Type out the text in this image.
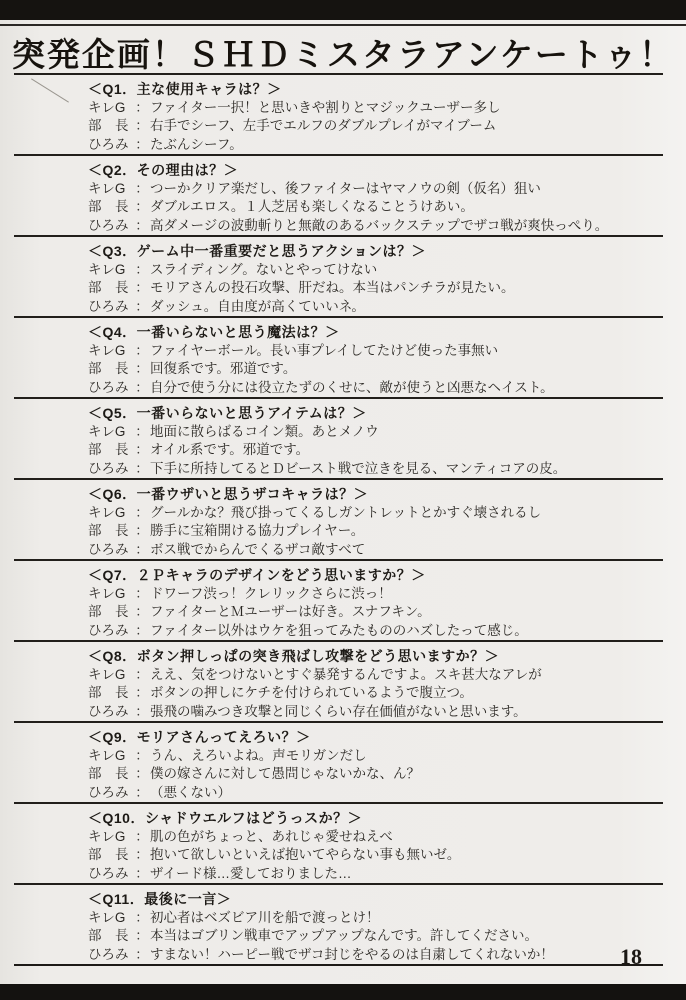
突発企画！ＳＨＤミスタラアンケートゥ！
＜Q1．主な使用キャラは？＞
キレG ：ファイター一択！と思いきや割りとマジックユーザー多し
部　長 ：右手でシーフ、左手でエルフのダブルプレイがマイブーム
ひろみ ：たぶんシーフ。
＜Q2．その理由は？＞
キレG ：つーかクリア楽だし、後ファイターはヤマノウの剣（仮名）狙い
部　長 ：ダブルエロス。１人芝居も楽しくなることうけあい。
ひろみ ：高ダメージの波動斬りと無敵のあるバックステップでザコ戦が爽快っぺり。
＜Q3．ゲーム中一番重要だと思うアクションは？＞
キレG ：スライディング。ないとやってけない
部　長 ：モリアさんの投石攻撃、肝だね。本当はパンチラが見たい。
ひろみ ：ダッシュ。自由度が高くていいネ。
＜Q4．一番いらないと思う魔法は？＞
キレG ：ファイヤーボール。長い事プレイしてたけど使った事無い
部　長 ：回復系です。邪道です。
ひろみ ：自分で使う分には役立たずのくせに、敵が使うと凶悪なヘイスト。
＜Q5．一番いらないと思うアイテムは？＞
キレG ：地面に散らばるコイン類。あとメノウ
部　長 ：オイル系です。邪道です。
ひろみ ：下手に所持してるとＤビースト戦で泣きを見る、マンティコアの皮。
＜Q6．一番ウザいと思うザコキャラは？＞
キレG ：グールかな？飛び掛ってくるしガントレットとかすぐ壊されるし
部　長 ：勝手に宝箱開ける協力プレイヤー。
ひろみ ：ボス戦でからんでくるザコ敵すべて
＜Q7．２Ｐキャラのデザインをどう思いますか？＞
キレG ：ドワーフ渋っ！クレリックさらに渋っ！
部　長 ：ファイターとＭユーザーは好き。スナフキン。
ひろみ ：ファイター以外はウケを狙ってみたもののハズしたって感じ。
＜Q8．ボタン押しっぱの突き飛ばし攻撃をどう思いますか？＞
キレG ：ええ、気をつけないとすぐ暴発するんですよ。スキ甚大なアレが
部　長 ：ボタンの押しにケチを付けられているようで腹立つ。
ひろみ ：張飛の噛みつき攻撃と同じくらい存在価値がないと思います。
＜Q9．モリアさんってえろい？＞
キレG ：うん、えろいよね。声モリガンだし
部　長 ：僕の嫁さんに対して愚問じゃないかな、ん？
ひろみ ：（悪くない）
＜Q10．シャドウエルフはどうっスか？＞
キレG ：肌の色がちょっと、あれじゃ愛せねえべ
部　長 ：抱いて欲しいといえば抱いてやらない事も無いゼ。
ひろみ ：ザイード様…愛しておりました…
＜Q11．最後に一言＞
キレG ：初心者はベズビア川を船で渡っとけ！
部　長 ：本当はゴブリン戦車でアップアップなんです。許してください。
ひろみ ：すまない！ハーピー戦でザコ封じをやるのは自粛してくれないか！	18
